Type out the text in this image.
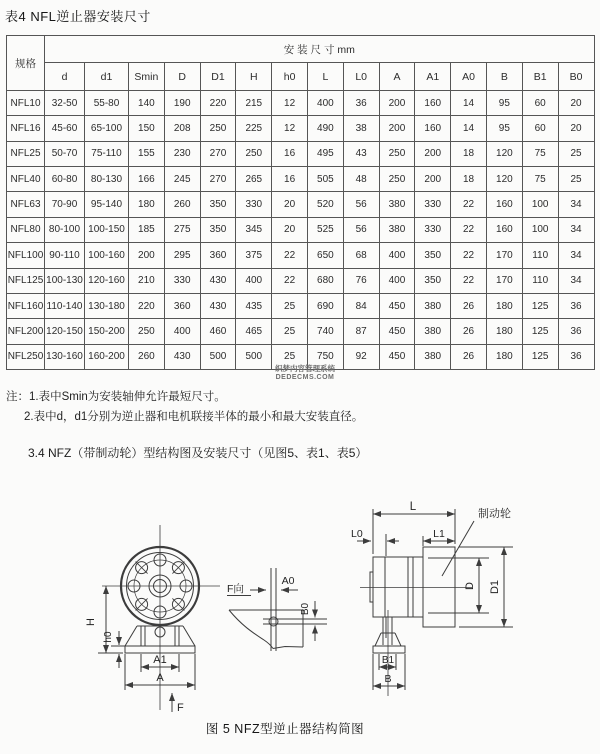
表4 NFL逆止器安装尺寸
规格	安 装 尺 寸 mm														
	d	d1	Smin	D	D1	H	h0	L	L0	A	A1	A0	B	B1	B0
NFL10	32-50	55-80	140	190	220	215	12	400	36	200	160	14	95	60	20
NFL16	45-60	65-100	150	208	250	225	12	490	38	200	160	14	95	60	20
NFL25	50-70	75-110	155	230	270	250	16	495	43	250	200	18	120	75	25
NFL40	60-80	80-130	166	245	270	265	16	505	48	250	200	18	120	75	25
NFL63	70-90	95-140	180	260	350	330	20	520	56	380	330	22	160	100	34
NFL80	80-100	100-150	185	275	350	345	20	525	56	380	330	22	160	100	34
NFL100	90-110	100-160	200	295	360	375	22	650	68	400	350	22	170	110	34
NFL125	100-130	120-160	210	330	430	400	22	680	76	400	350	22	170	110	34
NFL160	110-140	130-180	220	360	430	435	25	690	84	450	380	26	180	125	36
NFL200	120-150	150-200	250	400	460	465	25	740	87	450	380	26	180	125	36
NFL250	130-160	160-200	260	430	500	500	25	750	92	450	380	26	180	125	36
织梦内容管理系统
DEDECMS.COM
注：1.表中Smin为安装轴伸允许最短尺寸。
2.表中d，d1分别为逆止器和电机联接半体的最小和最大安装直径。
3.4 NFZ（带制动轮）型结构图及安装尺寸（见图5、表1、表5）
H
h0
A1
A
F
F向
A0
B0
L
L1
L0
制动轮
D D1
B1
B
图 5 NFZ型逆止器结构简图
